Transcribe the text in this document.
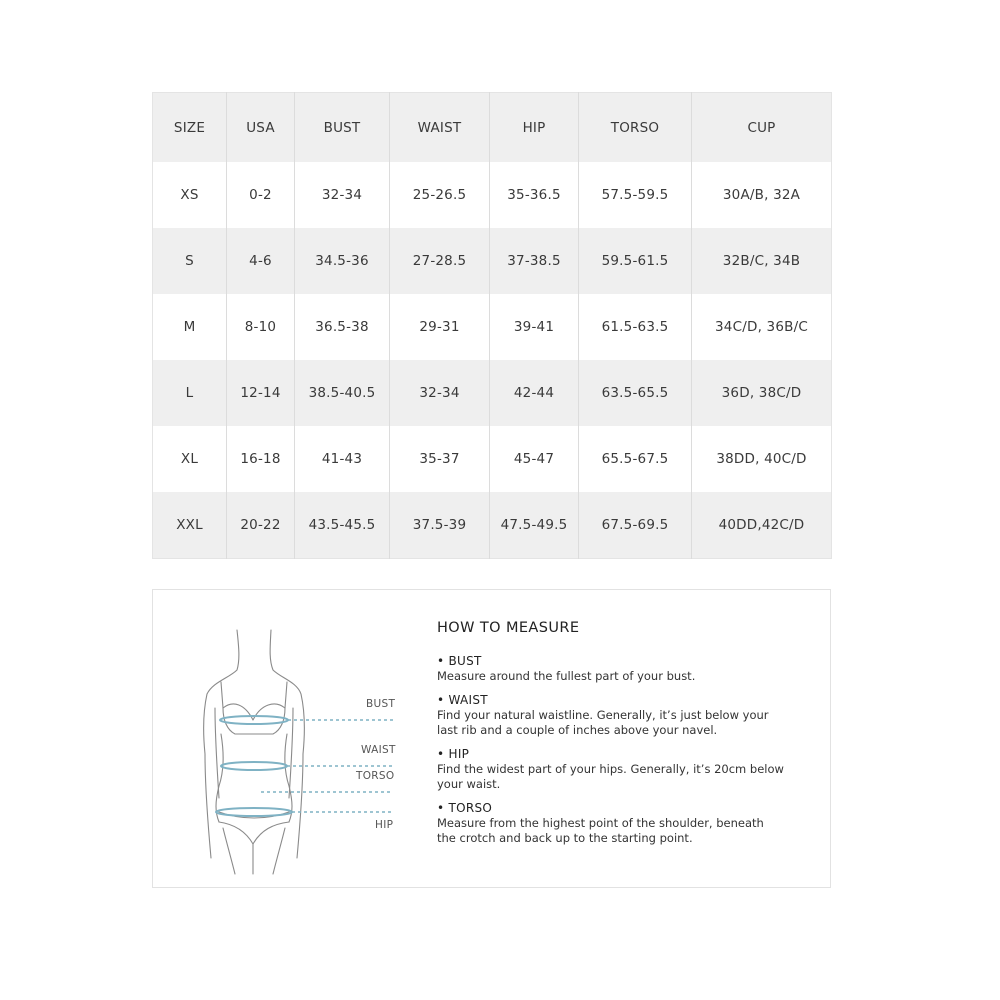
SIZE	USA	BUST	WAIST	HIP	TORSO	CUP
XS	0-2	32-34	25-26.5	35-36.5	57.5-59.5	30A/B, 32A
S	4-6	34.5-36	27-28.5	37-38.5	59.5-61.5	32B/C, 34B
M	8-10	36.5-38	29-31	39-41	61.5-63.5	34C/D, 36B/C
L	12-14	38.5-40.5	32-34	42-44	63.5-65.5	36D, 38C/D
XL	16-18	41-43	35-37	45-47	65.5-67.5	38DD, 40C/D
XXL	20-22	43.5-45.5	37.5-39	47.5-49.5	67.5-69.5	40DD,42C/D
BUST
WAIST
TORSO
HIP
HOW TO MEASURE
• BUST
Measure around the fullest part of your bust.
• WAIST
Find your natural waistline. Generally, it’s just below your
last rib and a couple of inches above your navel.
• HIP
Find the widest part of your hips. Generally, it’s 20cm below
your waist.
• TORSO
Measure from the highest point of the shoulder, beneath
the crotch and back up to the starting point.
